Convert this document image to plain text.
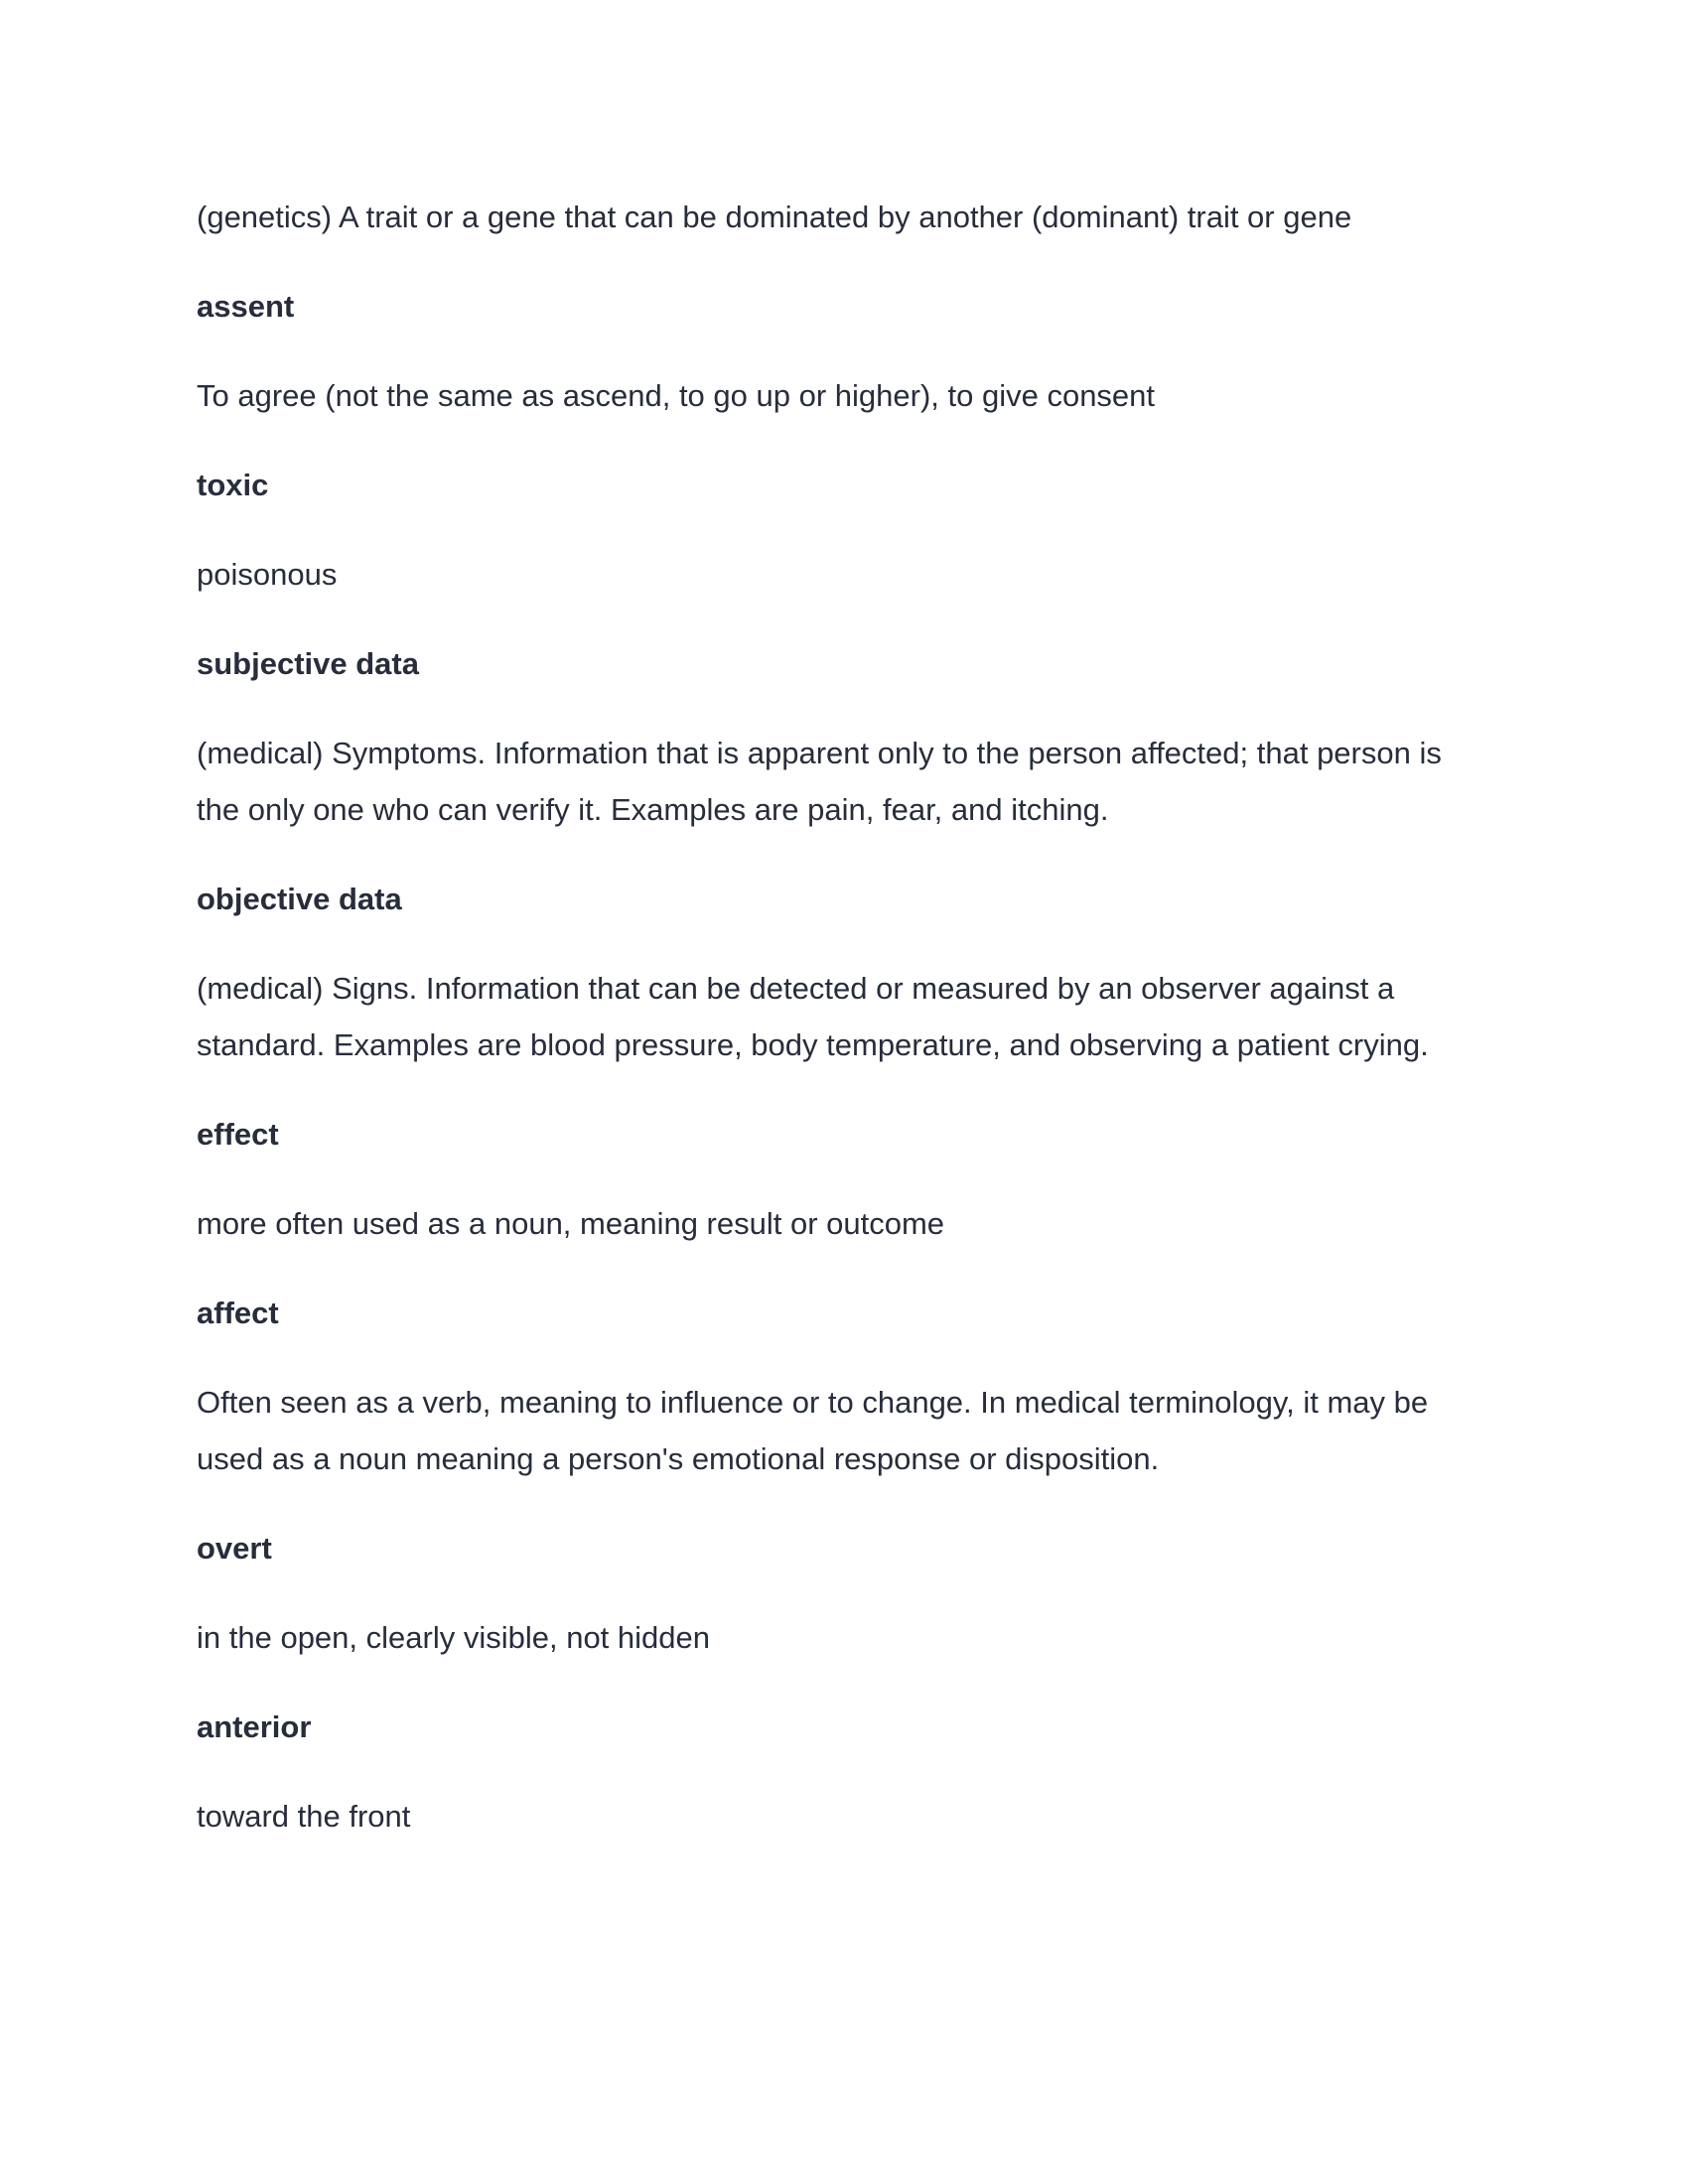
(genetics) A trait or a gene that can be dominated by another (dominant) trait or gene

assent

To agree (not the same as ascend, to go up or higher), to give consent

toxic

poisonous

subjective data

(medical) Symptoms. Information that is apparent only to the person affected; that person is the only one who can verify it. Examples are pain, fear, and itching.

objective data

(medical) Signs. Information that can be detected or measured by an observer against a standard. Examples are blood pressure, body temperature, and observing a patient crying.

effect

more often used as a noun, meaning result or outcome

affect

Often seen as a verb, meaning to influence or to change. In medical terminology, it may be used as a noun meaning a person's emotional response or disposition.

overt

in the open, clearly visible, not hidden

anterior

toward the front
